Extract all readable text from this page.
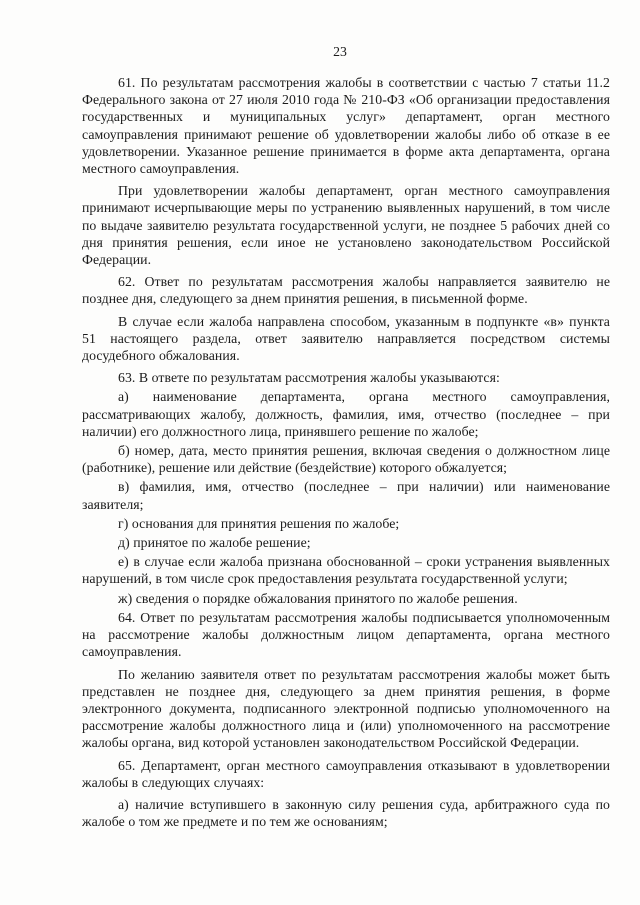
23

61. По результатам рассмотрения жалобы в соответствии с частью 7 статьи 11.2 Федерального закона от 27 июля 2010 года № 210-ФЗ «Об организации предоставления государственных и муниципальных услуг» департамент, орган местного самоуправления принимают решение об удовлетворении жалобы либо об отказе в ее удовлетворении. Указанное решение принимается в форме акта департамента, органа местного самоуправления.

При удовлетворении жалобы департамент, орган местного самоуправления принимают исчерпывающие меры по устранению выявленных нарушений, в том числе по выдаче заявителю результата государственной услуги, не позднее 5 рабочих дней со дня принятия решения, если иное не установлено законодательством Российской Федерации.

62. Ответ по результатам рассмотрения жалобы направляется заявителю не позднее дня, следующего за днем принятия решения, в письменной форме.

В случае если жалоба направлена способом, указанным в подпункте «в» пункта 51 настоящего раздела, ответ заявителю направляется посредством системы досудебного обжалования.

63. В ответе по результатам рассмотрения жалобы указываются:

а) наименование департамента, органа местного самоуправления, рассматривающих жалобу, должность, фамилия, имя, отчество (последнее – при наличии) его должностного лица, принявшего решение по жалобе;

б) номер, дата, место принятия решения, включая сведения о должностном лице (работнике), решение или действие (бездействие) которого обжалуется;

в) фамилия, имя, отчество (последнее – при наличии) или наименование заявителя;

г) основания для принятия решения по жалобе;

д) принятое по жалобе решение;

е) в случае если жалоба признана обоснованной – сроки устранения выявленных нарушений, в том числе срок предоставления результата государственной услуги;

ж) сведения о порядке обжалования принятого по жалобе решения.

64. Ответ по результатам рассмотрения жалобы подписывается уполномоченным на рассмотрение жалобы должностным лицом департамента, органа местного самоуправления.

По желанию заявителя ответ по результатам рассмотрения жалобы может быть представлен не позднее дня, следующего за днем принятия решения, в форме электронного документа, подписанного электронной подписью уполномоченного на рассмотрение жалобы должностного лица и (или) уполномоченного на рассмотрение жалобы органа, вид которой установлен законодательством Российской Федерации.

65. Департамент, орган местного самоуправления отказывают в удовлетворении жалобы в следующих случаях:

а) наличие вступившего в законную силу решения суда, арбитражного суда по жалобе о том же предмете и по тем же основаниям;
